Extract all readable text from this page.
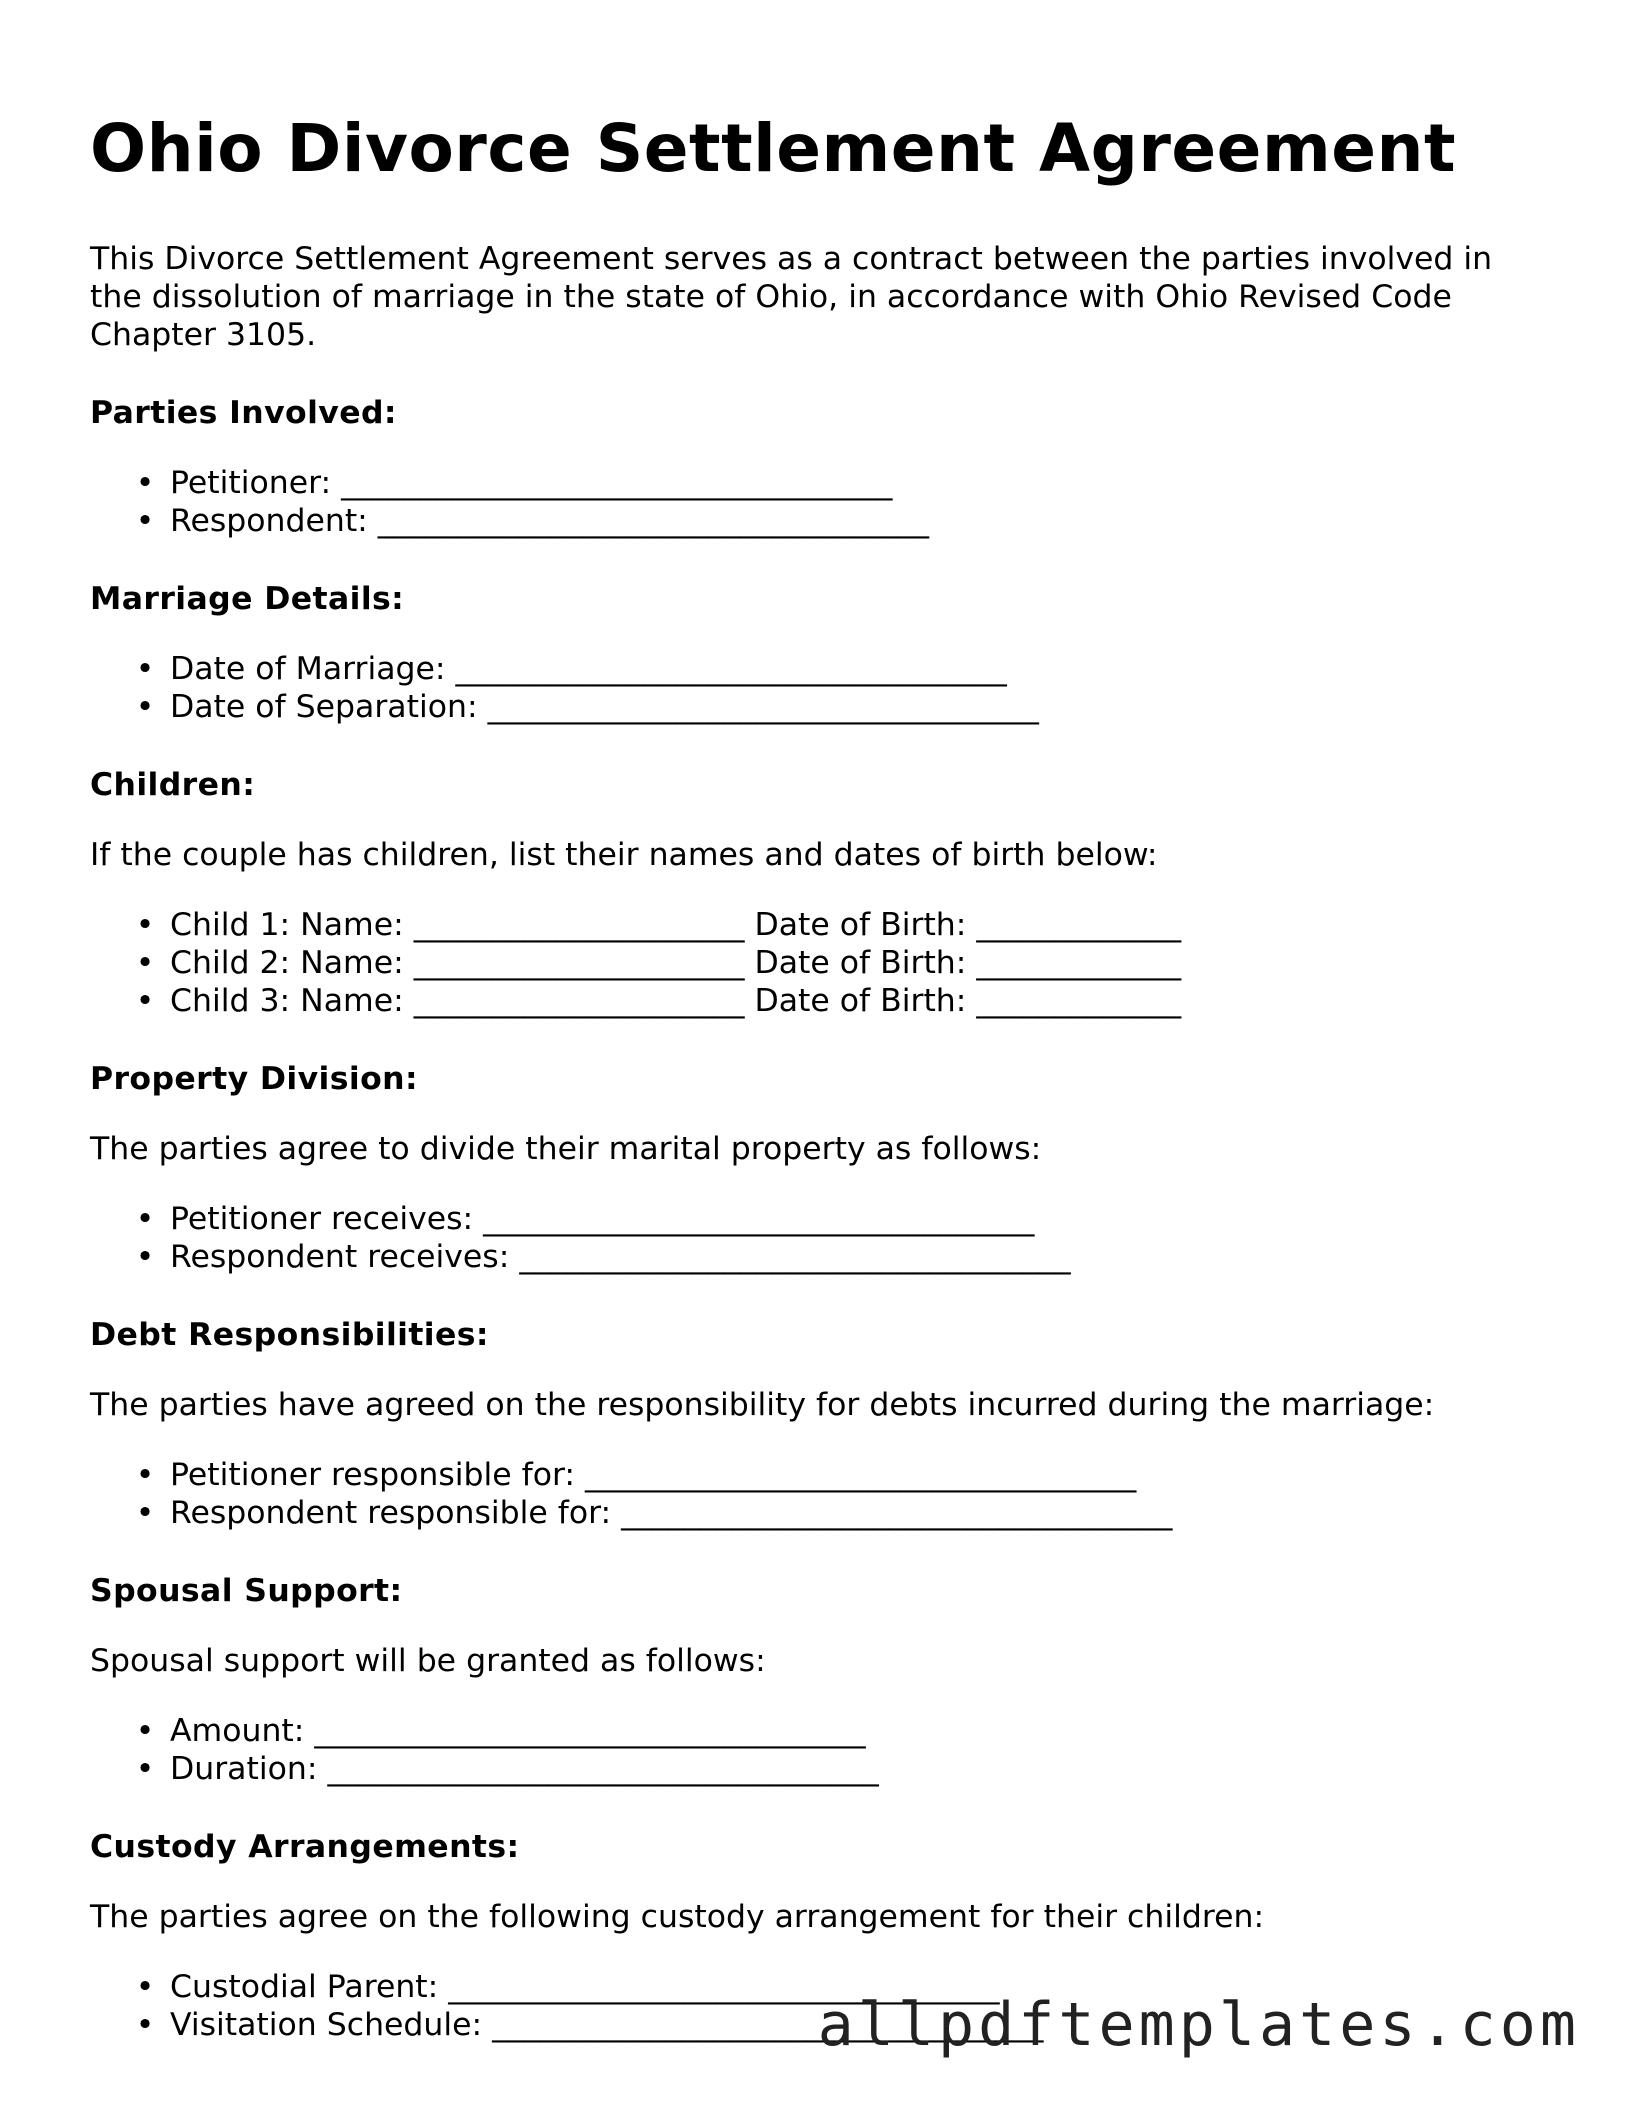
Ohio Divorce Settlement Agreement

This Divorce Settlement Agreement serves as a contract between the parties involved in the dissolution of marriage in the state of Ohio, in accordance with Ohio Revised Code Chapter 3105.

Parties Involved:
• Petitioner: ___________________________________
• Respondent: ___________________________________
Marriage Details:
• Date of Marriage: ___________________________________
• Date of Separation: ___________________________________
Children:

If the couple has children, list their names and dates of birth below:

• Child 1: Name: _____________________ Date of Birth: _____________
• Child 2: Name: _____________________ Date of Birth: _____________
• Child 3: Name: _____________________ Date of Birth: _____________
Property Division:

The parties agree to divide their marital property as follows:

• Petitioner receives: ___________________________________
• Respondent receives: ___________________________________
Debt Responsibilities:

The parties have agreed on the responsibility for debts incurred during the marriage:

• Petitioner responsible for: ___________________________________
• Respondent responsible for: ___________________________________
Spousal Support:

Spousal support will be granted as follows:

• Amount: ___________________________________
• Duration: ___________________________________
Custody Arrangements:

The parties agree on the following custody arrangement for their children:

• Custodial Parent: ___________________________________
• Visitation Schedule: ___________________________________
allpdftemplates.com
